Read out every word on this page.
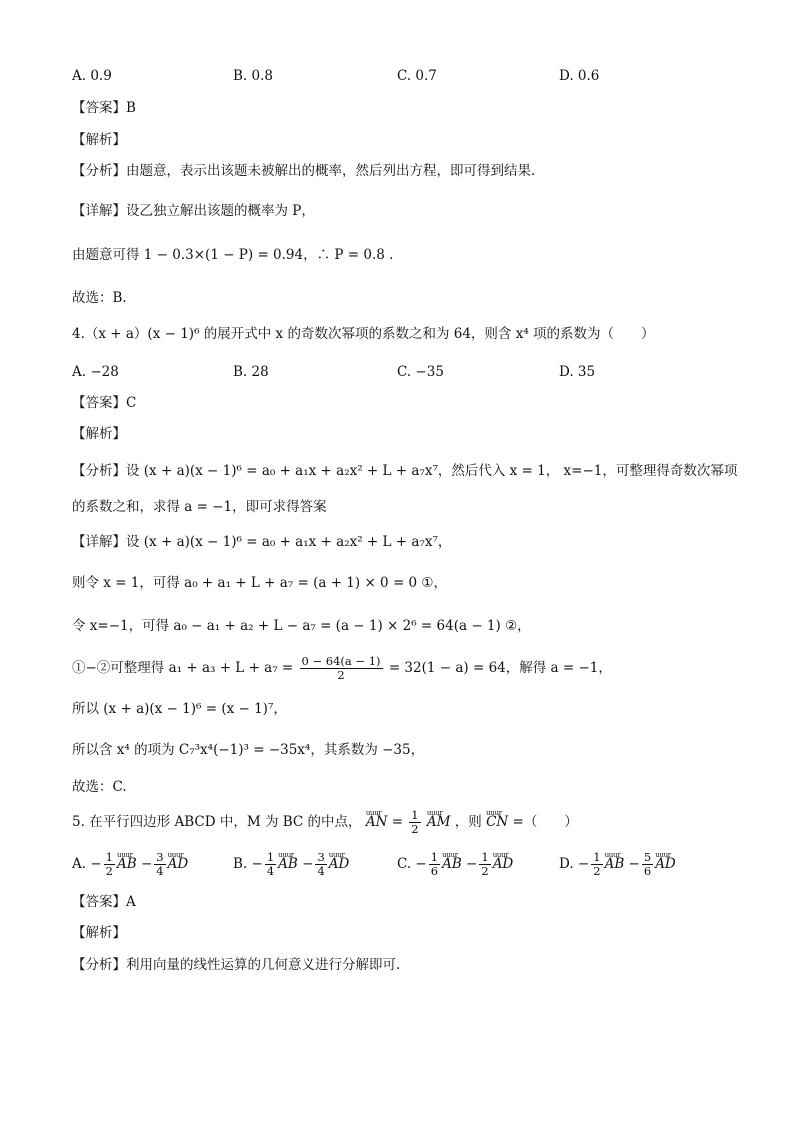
A. 0.9	B. 0.8	C. 0.7	D. 0.6
【答案】B
【解析】
【分析】由题意，表示出该题未被解出的概率，然后列出方程，即可得到结果.
【详解】设乙独立解出该题的概率为 P，
由题意可得 1 − 0.3×(1 − P) = 0.94，∴ P = 0.8 .
故选：B.
4.（x + a）(x − 1)⁶ 的展开式中 x 的奇数次幂项的系数之和为 64，则含 x⁴ 项的系数为（　　）
A. −28	B. 28	C. −35	D. 35
【答案】C
【解析】
【分析】设 (x + a)(x − 1)⁶ = a₀ + a₁x + a₂x² + L + a₇x⁷，然后代入 x = 1， x=−1，可整理得奇数次幂项
的系数之和，求得 a = −1，即可求得答案
【详解】设 (x + a)(x − 1)⁶ = a₀ + a₁x + a₂x² + L + a₇x⁷，
则令 x = 1，可得 a₀ + a₁ + L + a₇ = (a + 1) × 0 = 0 ①，
令 x=−1，可得 a₀ − a₁ + a₂ + L − a₇ = (a − 1) × 2⁶ = 64(a − 1) ②，
①−②可整理得 $a_1 + a_3 + L + a_7 = \frac{0 - 64(a - 1)}{2} = 32(1 - a) = 64$，解得 a = −1，
所以 (x + a)(x − 1)⁶ = (x − 1)⁷，
所以含 x⁴ 的项为 C₇³x⁴(−1)³ = −35x⁴，其系数为 −35，
故选：C.
5. 在平行四边形 ABCD 中，M 为 BC 的中点， uuur AN = $\frac{1}{2}$ uuur AM ，则 uuur CN =（　　）
A. − $\frac{1}{2}$ uuur AB − $\frac{3}{4}$ uuur AD	B. − $\frac{1}{4}$ uuur AB − $\frac{3}{4}$ uuur AD	C. − $\frac{1}{6}$ uuur AB − $\frac{1}{2}$ uuur AD	D. − $\frac{1}{2}$ uuur AB − $\frac{5}{6}$ uuur AD
【答案】A
【解析】
【分析】利用向量的线性运算的几何意义进行分解即可.
